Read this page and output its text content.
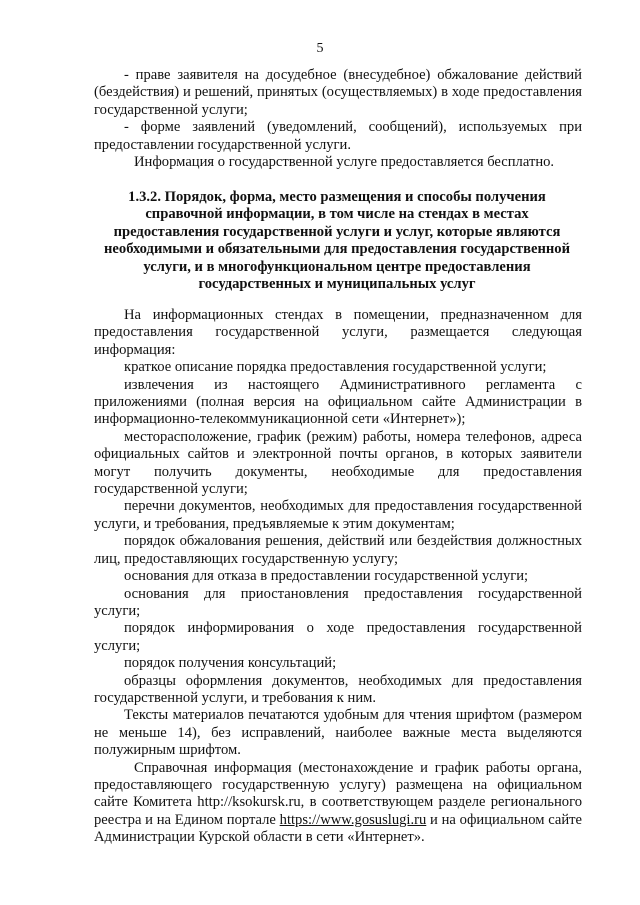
5

- праве заявителя на досудебное (внесудебное) обжалование действий (бездействия) и решений, принятых (осуществляемых) в ходе предоставления государственной услуги;

- форме заявлений (уведомлений, сообщений), используемых при предоставлении государственной услуги.

Информация о государственной услуге предоставляется бесплатно.

1.3.2. Порядок, форма, место размещения и способы получения
справочной информации, в том числе на стендах в местах
предоставления государственной услуги и услуг, которые являются
необходимыми и обязательными для предоставления государственной
услуги, и в многофункциональном центре предоставления
государственных и муниципальных услуг

На информационных стендах в помещении, предназначенном для предоставления государственной услуги, размещается следующая информация:

краткое описание порядка предоставления государственной услуги;

извлечения из настоящего Административного регламента с приложениями (полная версия на официальном сайте Администрации в информационно-телекоммуникационной сети «Интернет»);

месторасположение, график (режим) работы, номера телефонов, адреса официальных сайтов и электронной почты органов, в которых заявители могут получить документы, необходимые для предоставления государственной услуги;

перечни документов, необходимых для предоставления государственной услуги, и требования, предъявляемые к этим документам;

порядок обжалования решения, действий или бездействия должностных лиц, предоставляющих государственную услугу;

основания для отказа в предоставлении государственной услуги;

основания для приостановления предоставления государственной услуги;

порядок информирования о ходе предоставления государственной услуги;

порядок получения консультаций;

образцы оформления документов, необходимых для предоставления государственной услуги, и требования к ним.

Тексты материалов печатаются удобным для чтения шрифтом (размером не меньше 14), без исправлений, наиболее важные места выделяются полужирным шрифтом.

Справочная информация (местонахождение и график работы органа, предоставляющего государственную услугу) размещена на официальном сайте Комитета http://ksokursk.ru, в соответствующем разделе регионального реестра и на Едином портале https://www.gosuslugi.ru и на официальном сайте Администрации Курской области в сети «Интернет».
